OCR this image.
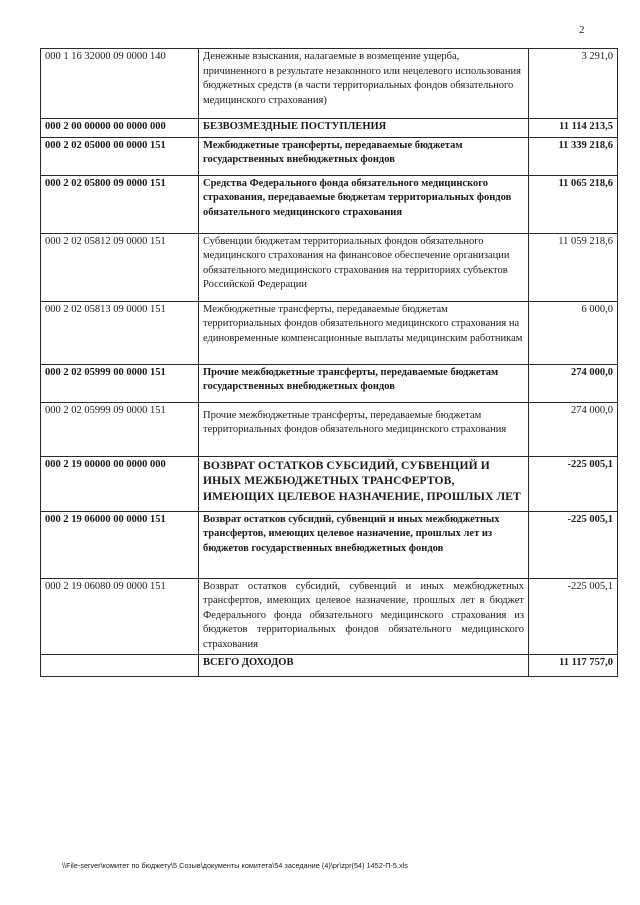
2
000 1 16 32000 09 0000 140	Денежные взыскания, налагаемые в возмещение ущерба, причиненного в результате незаконного или нецелевого использования бюджетных средств (в части территориальных фондов обязательного медицинского страхования)	3 291,0
000 2 00 00000 00 0000 000	БЕЗВОЗМЕЗДНЫЕ ПОСТУПЛЕНИЯ	11 114 213,5
000 2 02 05000 00 0000 151	Межбюджетные трансферты, передаваемые бюджетам государственных внебюджетных фондов	11 339 218,6
000 2 02 05800 09 0000 151	Средства Федерального фонда обязательного медицинского страхования, передаваемые бюджетам территориальных фондов обязательного медицинского страхования	11 065 218,6
000 2 02 05812 09 0000 151	Субвенции бюджетам территориальных фондов обязательного медицинского страхования на финансовое обеспечение организации обязательного медицинского страхования на территориях субъектов Российской Федерации	11 059 218,6
000 2 02 05813 09 0000 151	Межбюджетные трансферты, передаваемые бюджетам территориальных фондов обязательного медицинского страхования на единовременные компенсационные выплаты медицинским работникам	6 000,0
000 2 02 05999 00 0000 151	Прочие межбюджетные трансферты, передаваемые бюджетам государственных внебюджетных фондов	274 000,0
000 2 02 05999 09 0000 151	Прочие межбюджетные трансферты, передаваемые бюджетам территориальных фондов обязательного медицинского страхования	274 000,0
000 2 19 00000 00 0000 000	ВОЗВРАТ ОСТАТКОВ СУБСИДИЙ, СУБВЕНЦИЙ И ИНЫХ МЕЖБЮДЖЕТНЫХ ТРАНСФЕРТОВ, ИМЕЮЩИХ ЦЕЛЕВОЕ НАЗНАЧЕНИЕ, ПРОШЛЫХ ЛЕТ	-225 005,1
000 2 19 06000 00 0000 151	Возврат остатков субсидий, субвенций и иных межбюджетных трансфертов, имеющих целевое назначение, прошлых лет из бюджетов государственных внебюджетных фондов	-225 005,1
000 2 19 06080 09 0000 151	Возврат остатков субсидий, субвенций и иных межбюджетных трансфертов, имеющих целевое назначение, прошлых лет в бюджет Федерального фонда обязательного медицинского страхования из бюджетов территориальных фондов обязательного медицинского страхования	-225 005,1
	ВСЕГО ДОХОДОВ	11 117 757,0
\\File-server\комитет по бюджету\5 Созыв\документы комитета\54 заседание (4)\pr\zpr(54) 1452-П-5.xls
